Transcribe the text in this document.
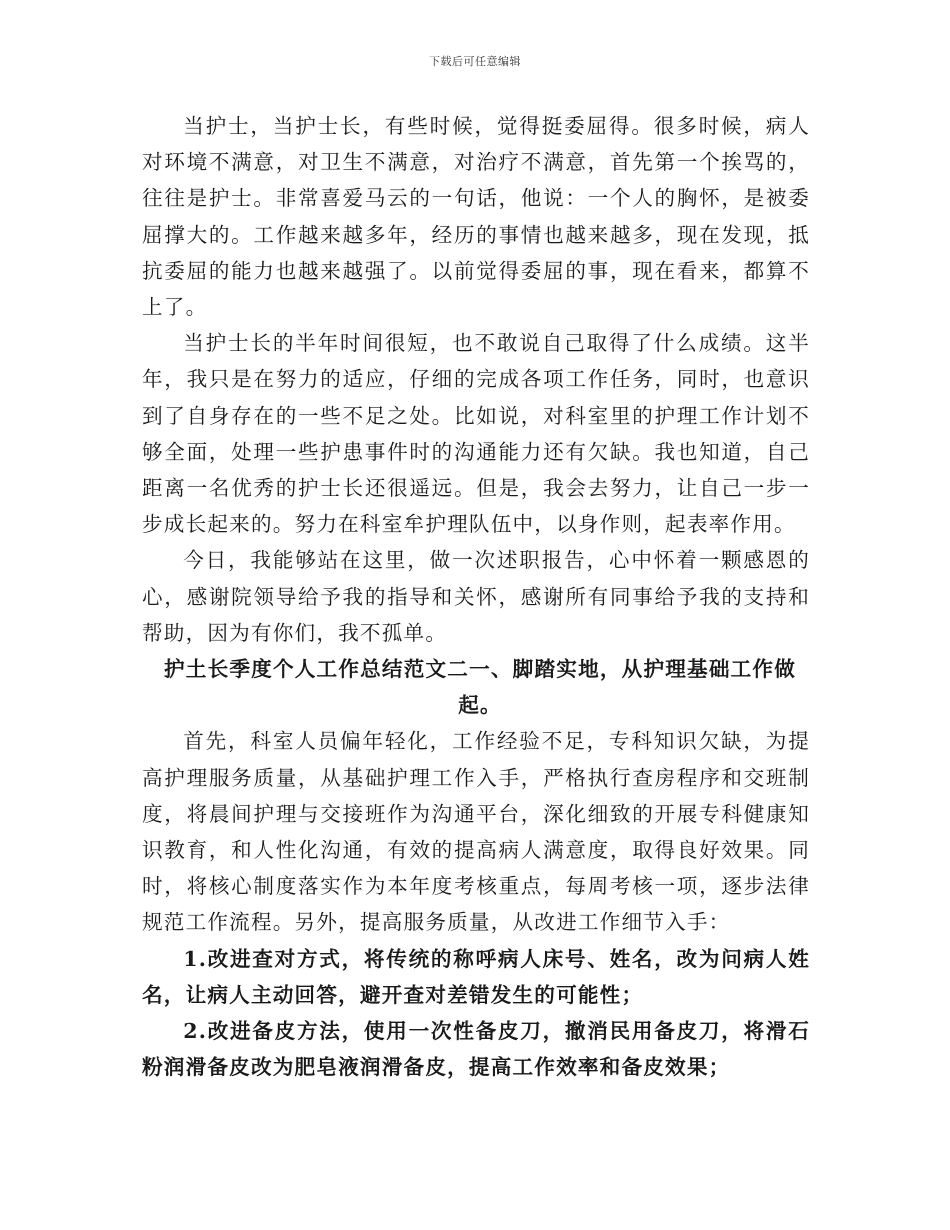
下载后可任意编辑

当护士，当护士长，有些时候，觉得挺委屈得。很多时候，病人对环境不满意，对卫生不满意，对治疗不满意，首先第一个挨骂的，往往是护士。非常喜爱马云的一句话，他说：一个人的胸怀，是被委屈撑大的。工作越来越多年，经历的事情也越来越多，现在发现，抵抗委屈的能力也越来越强了。以前觉得委屈的事，现在看来，都算不上了。

当护士长的半年时间很短，也不敢说自己取得了什么成绩。这半年，我只是在努力的适应，仔细的完成各项工作任务，同时，也意识到了自身存在的一些不足之处。比如说，对科室里的护理工作计划不够全面，处理一些护患事件时的沟通能力还有欠缺。我也知道，自己距离一名优秀的护士长还很遥远。但是，我会去努力，让自己一步一步成长起来的。努力在科室牟护理队伍中，以身作则，起表率作用。

今日，我能够站在这里，做一次述职报告，心中怀着一颗感恩的心，感谢院领导给予我的指导和关怀，感谢所有同事给予我的支持和帮助，因为有你们，我不孤单。

护土长季度个人工作总结范文二一、脚踏实地，从护理基础工作做起。

首先，科室人员偏年轻化，工作经验不足，专科知识欠缺，为提高护理服务质量，从基础护理工作入手，严格执行查房程序和交班制度，将晨间护理与交接班作为沟通平台，深化细致的开展专科健康知识教育，和人性化沟通，有效的提高病人满意度，取得良好效果。同时，将核心制度落实作为本年度考核重点，每周考核一项，逐步法律规范工作流程。另外，提高服务质量，从改进工作细节入手：

1.改进查对方式，将传统的称呼病人床号、姓名，改为问病人姓名，让病人主动回答，避开查对差错发生的可能性；

2.改进备皮方法，使用一次性备皮刀，撤消民用备皮刀，将滑石粉润滑备皮改为肥皂液润滑备皮，提高工作效率和备皮效果；
